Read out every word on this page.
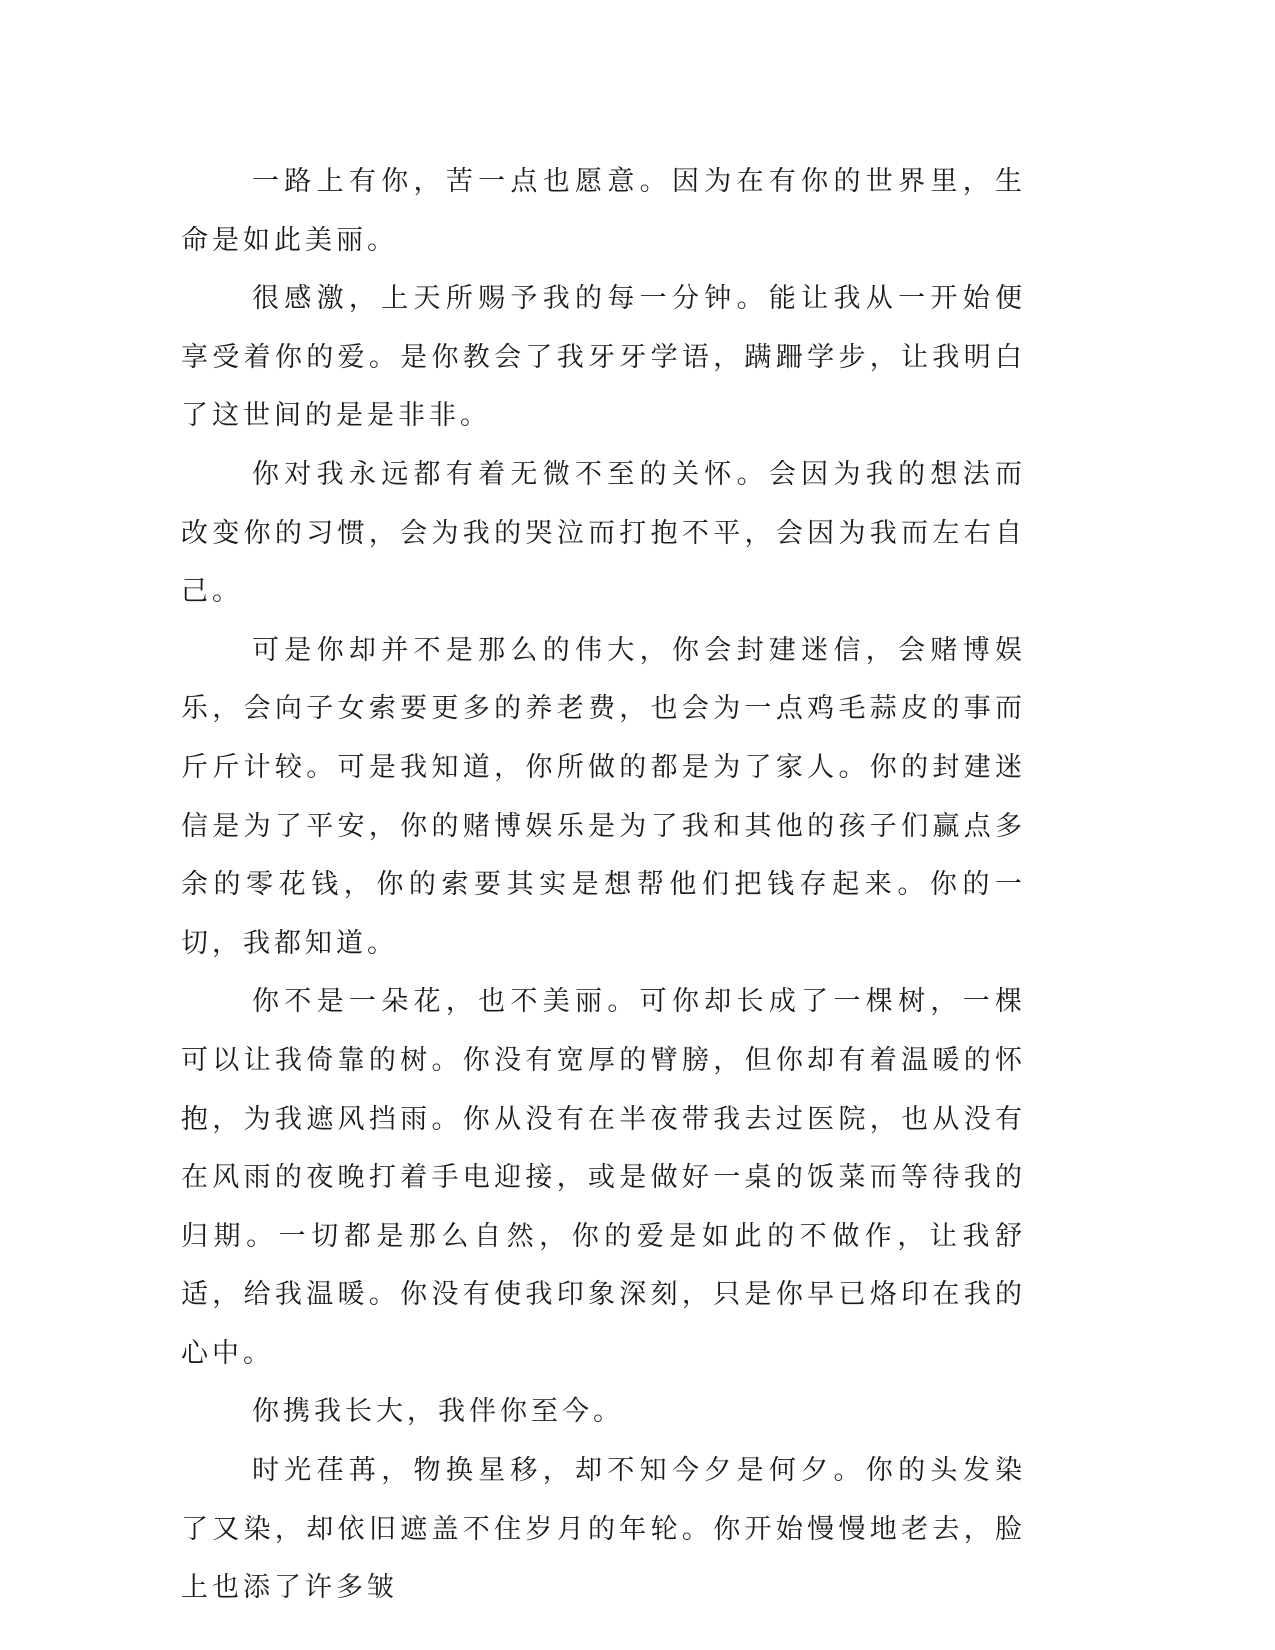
一路上有你，苦一点也愿意。因为在有你的世界里，生命是如此美丽。

很感激，上天所赐予我的每一分钟。能让我从一开始便享受着你的爱。是你教会了我牙牙学语，蹒跚学步，让我明白了这世间的是是非非。

你对我永远都有着无微不至的关怀。会因为我的想法而改变你的习惯，会为我的哭泣而打抱不平，会因为我而左右自己。

可是你却并不是那么的伟大，你会封建迷信，会赌博娱乐，会向子女索要更多的养老费，也会为一点鸡毛蒜皮的事而斤斤计较。可是我知道，你所做的都是为了家人。你的封建迷信是为了平安，你的赌博娱乐是为了我和其他的孩子们赢点多余的零花钱，你的索要其实是想帮他们把钱存起来。你的一切，我都知道。

你不是一朵花，也不美丽。可你却长成了一棵树，一棵可以让我倚靠的树。你没有宽厚的臂膀，但你却有着温暖的怀抱，为我遮风挡雨。你从没有在半夜带我去过医院，也从没有在风雨的夜晚打着手电迎接，或是做好一桌的饭菜而等待我的归期。一切都是那么自然，你的爱是如此的不做作，让我舒适，给我温暖。你没有使我印象深刻，只是你早已烙印在我的心中。

你携我长大，我伴你至今。

时光荏苒，物换星移，却不知今夕是何夕。你的头发染了又染，却依旧遮盖不住岁月的年轮。你开始慢慢地老去，脸上也添了许多皱
